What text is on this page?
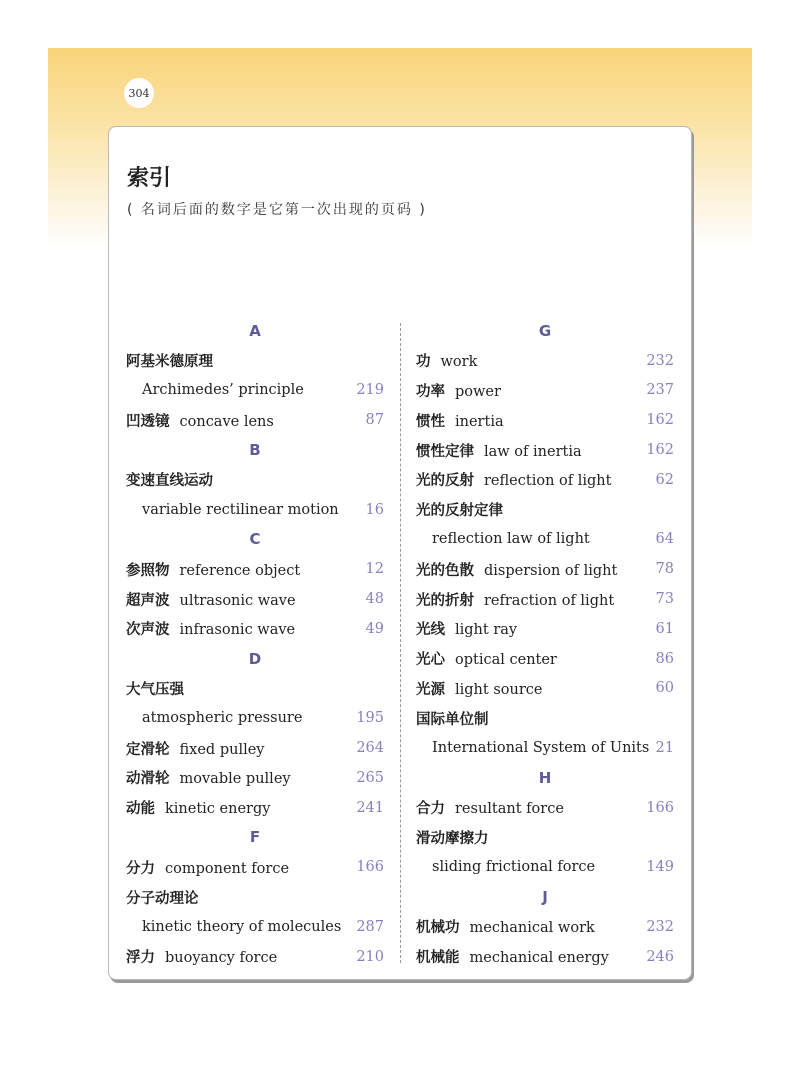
304
索引
( 名词后面的数字是它第一次出现的页码 )
A
阿基米德原理
Archimedes’ principle	219
凹透镜 concave lens	87
B
变速直线运动
variable rectilinear motion 16
C
参照物 reference object	12
超声波 ultrasonic wave	48
次声波 infrasonic wave	49
D
大气压强
atmospheric pressure	195
定滑轮 fixed pulley	264
动滑轮 movable pulley	265
动能 kinetic energy	241
F
分力 component force	166
分子动理论
kinetic theory of molecules 287
浮力 buoyancy force	210
G
功 work	232
功率 power	237
惯性 inertia	162
惯性定律 law of inertia	162
光的反射 reflection of light	62
光的反射定律
reflection law of light	64
光的色散 dispersion of light	78
光的折射 refraction of light	73
光线 light ray	61
光心 optical center	86
光源 light source	60
国际单位制
International System of Units 21
H
合力 resultant force	166
滑动摩擦力
sliding frictional force	149
J
机械功 mechanical work	232
机械能 mechanical energy	246
